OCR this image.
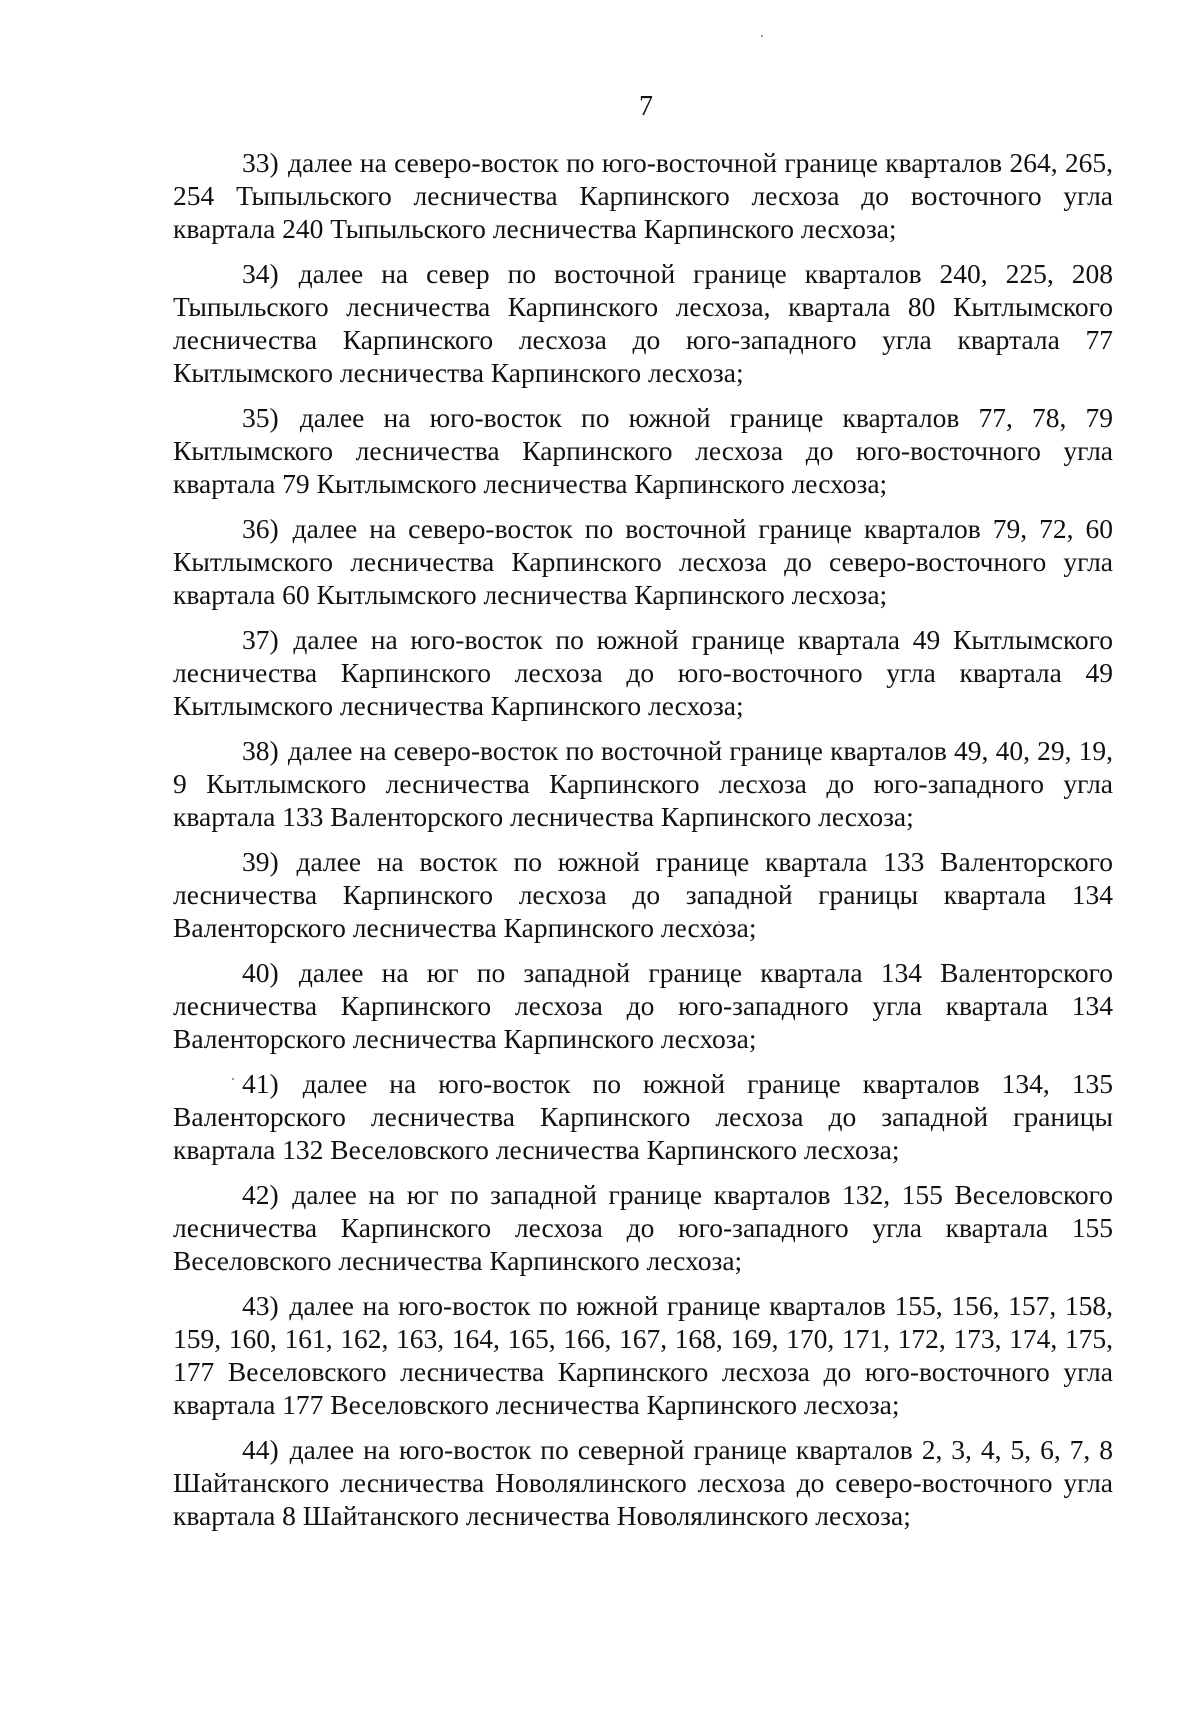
7

33) далее на северо-восток по юго-восточной границе кварталов 264, 265, 254 Тыпыльского лесничества Карпинского лесхоза до восточного угла квартала 240 Тыпыльского лесничества Карпинского лесхоза;

34) далее на север по восточной границе кварталов 240, 225, 208 Тыпыльского лесничества Карпинского лесхоза, квартала 80 Кытлымского лесничества Карпинского лесхоза до юго-западного угла квартала 77 Кытлымского лесничества Карпинского лесхоза;

35) далее на юго-восток по южной границе кварталов 77, 78, 79 Кытлымского лесничества Карпинского лесхоза до юго-восточного угла квартала 79 Кытлымского лесничества Карпинского лесхоза;

36) далее на северо-восток по восточной границе кварталов 79, 72, 60 Кытлымского лесничества Карпинского лесхоза до северо-восточного угла квартала 60 Кытлымского лесничества Карпинского лесхоза;

37) далее на юго-восток по южной границе квартала 49 Кытлымского лесничества Карпинского лесхоза до юго-восточного угла квартала 49 Кытлымского лесничества Карпинского лесхоза;

38) далее на северо-восток по восточной границе кварталов 49, 40, 29, 19, 9 Кытлымского лесничества Карпинского лесхоза до юго-западного угла квартала 133 Валенторского лесничества Карпинского лесхоза;

39) далее на восток по южной границе квартала 133 Валенторского лесничества Карпинского лесхоза до западной границы квартала 134 Валенторского лесничества Карпинского лесхоза;

40) далее на юг по западной границе квартала 134 Валенторского лесничества Карпинского лесхоза до юго-западного угла квартала 134 Валенторского лесничества Карпинского лесхоза;

41) далее на юго-восток по южной границе кварталов 134, 135 Валенторского лесничества Карпинского лесхоза до западной границы квартала 132 Веселовского лесничества Карпинского лесхоза;

42) далее на юг по западной границе кварталов 132, 155 Веселовского лесничества Карпинского лесхоза до юго-западного угла квартала 155 Веселовского лесничества Карпинского лесхоза;

43) далее на юго-восток по южной границе кварталов 155, 156, 157, 158, 159, 160, 161, 162, 163, 164, 165, 166, 167, 168, 169, 170, 171, 172, 173, 174, 175, 177 Веселовского лесничества Карпинского лесхоза до юго-восточного угла квартала 177 Веселовского лесничества Карпинского лесхоза;

44) далее на юго-восток по северной границе кварталов 2, 3, 4, 5, 6, 7, 8 Шайтанского лесничества Новолялинского лесхоза до северо-восточного угла квартала 8 Шайтанского лесничества Новолялинского лесхоза;
